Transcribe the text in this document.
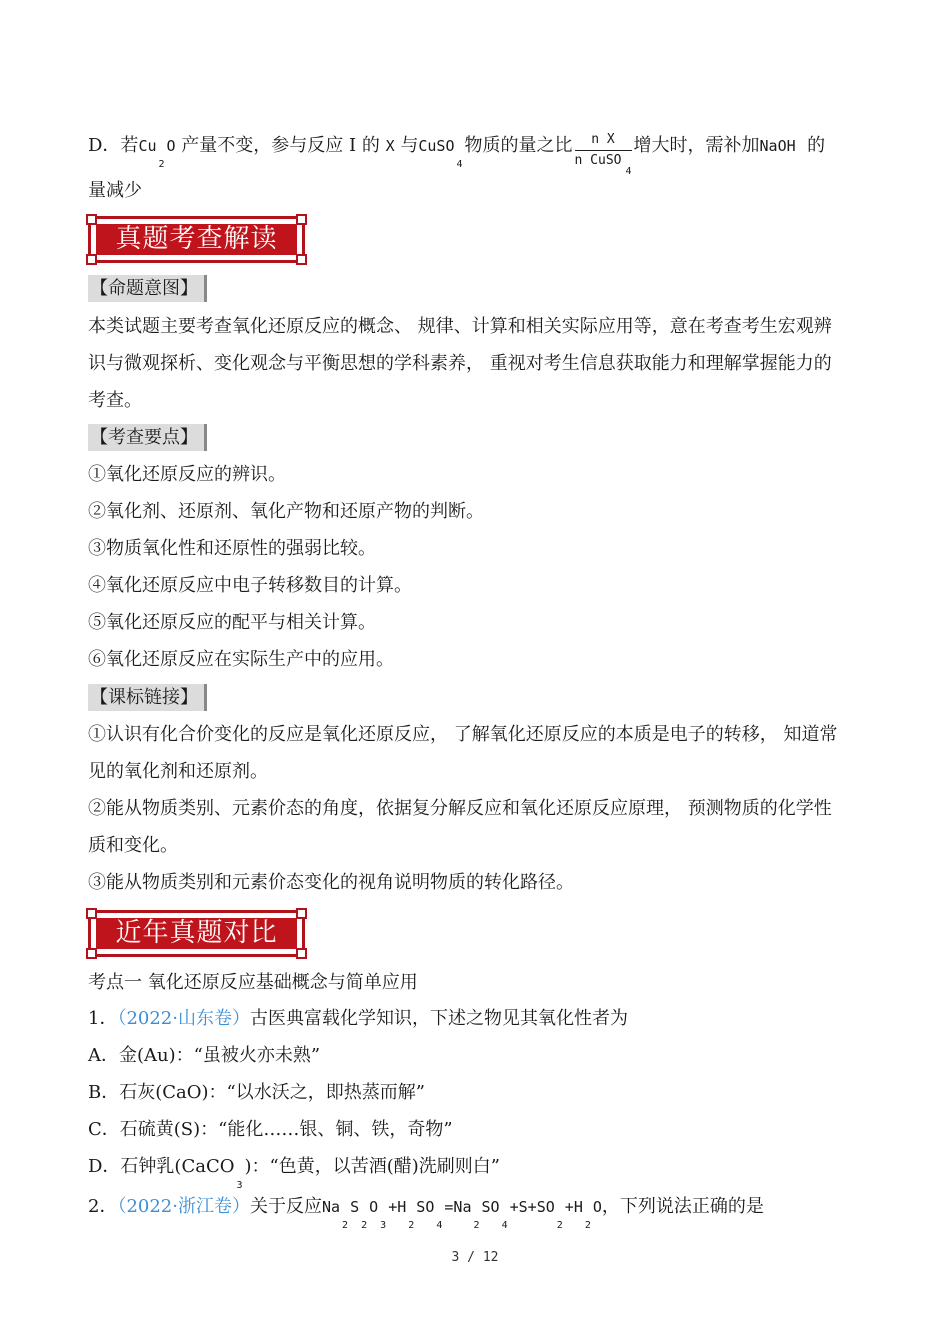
D．若$Cu_2O$ 产量不变，参与反应 I 的 X 与CuSO$_4$物质的量之比 $\frac{\text{n X}}{n CuSO_4}$ 增大时，需补加NaOH 的
量减少
真题考查解读
【命题意图】
本类试题主要考查氧化还原反应的概念、 规律、计算和相关实际应用等，意在考查考生宏观辨
识与微观探析、变化观念与平衡思想的学科素养， 重视对考生信息获取能力和理解掌握能力的
考查。
【考查要点】
①氧化还原反应的辨识。
②氧化剂、还原剂、氧化产物和还原产物的判断。
③物质氧化性和还原性的强弱比较。
④氧化还原反应中电子转移数目的计算。
⑤氧化还原反应的配平与相关计算。
⑥氧化还原反应在实际生产中的应用。
【课标链接】
①认识有化合价变化的反应是氧化还原反应， 了解氧化还原反应的本质是电子的转移， 知道常
见的氧化剂和还原剂。
②能从物质类别、元素价态的角度，依据复分解反应和氧化还原反应原理， 预测物质的化学性
质和变化。
③能从物质类别和元素价态变化的视角说明物质的转化路径。
近年真题对比
考点一 氧化还原反应基础概念与简单应用
1．（2022·山东卷）古医典富载化学知识，下述之物见其氧化性者为
A．金(Au)：“虽被火亦未熟”
B．石灰(CaO)：“以水沃之，即热蒸而解”
C．石硫黄(S)：“能化……银、铜、铁，奇物”
D．石钟乳(CaCO$_3$)：“色黄，以苦酒(醋)洗刷则白”
2．（2022·浙江卷）关于反应$Na_2S_2O_3+H_2SO_4=Na_2SO_4+S+SO_2+H_2O$，下列说法正确的是
3 / 12
